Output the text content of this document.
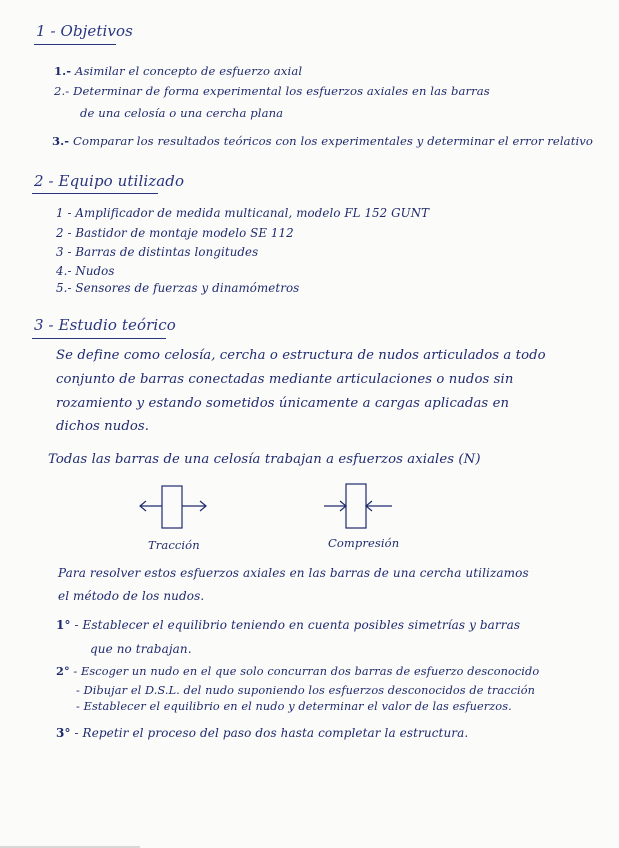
1 - Objetivos
1.- Asimilar el concepto de esfuerzo axial
2.- Determinar de forma experimental los esfuerzos axiales en las barras
de una celosía o una cercha plana
3.- Comparar los resultados teóricos con los experimentales y determinar el error relativo
2 - Equipo utilizado
1 - Amplificador de medida multicanal, modelo FL 152 GUNT
2 - Bastidor de montaje modelo SE 112
3 - Barras de distintas longitudes
4.- Nudos
5.- Sensores de fuerzas y dinamómetros
3 - Estudio teórico
Se define como celosía, cercha o estructura de nudos articulados a todo
conjunto de barras conectadas mediante articulaciones o nudos sin
rozamiento y estando sometidos únicamente a cargas aplicadas en
dichos nudos.
Todas las barras de una celosía trabajan a esfuerzos axiales (N)
Tracción	Compresión
Para resolver estos esfuerzos axiales en las barras de una cercha utilizamos
el método de los nudos.
1° - Establecer el equilibrio teniendo en cuenta posibles simetrías y barras
que no trabajan.
2° - Escoger un nudo en el que solo concurran dos barras de esfuerzo desconocido
- Dibujar el D.S.L. del nudo suponiendo los esfuerzos desconocidos de tracción
- Establecer el equilibrio en el nudo y determinar el valor de las esfuerzos.
3° - Repetir el proceso del paso dos hasta completar la estructura.
